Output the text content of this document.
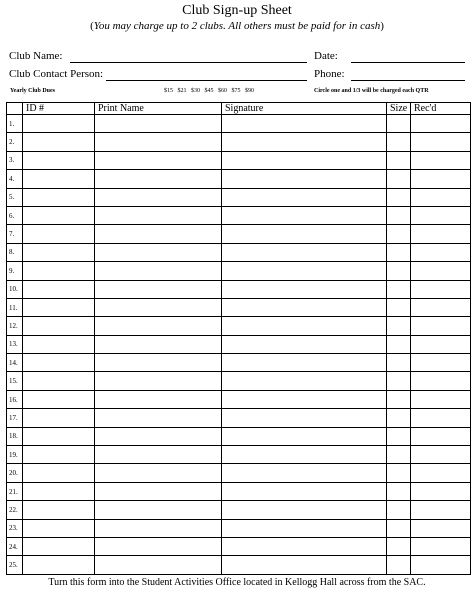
Club Sign-up Sheet
(You may charge up to 2 clubs. All others must be paid for in cash)
Club Name:	Date:
Club Contact Person:	Phone:
Yearly Club Dues	$15 $21 $30 $45 $60 $75 $90	Circle one and 1/3 will be charged each QTR
	ID #	Print Name	Signature	Size	Rec'd
1.					
2.					
3.					
4.					
5.					
6.					
7.					
8.					
9.					
10.					
11.					
12.					
13.					
14.					
15.					
16.					
17.					
18.					
19.					
20.					
21.					
22.					
23.					
24.					
25.					
Turn this form into the Student Activities Office located in Kellogg Hall across from the SAC.
